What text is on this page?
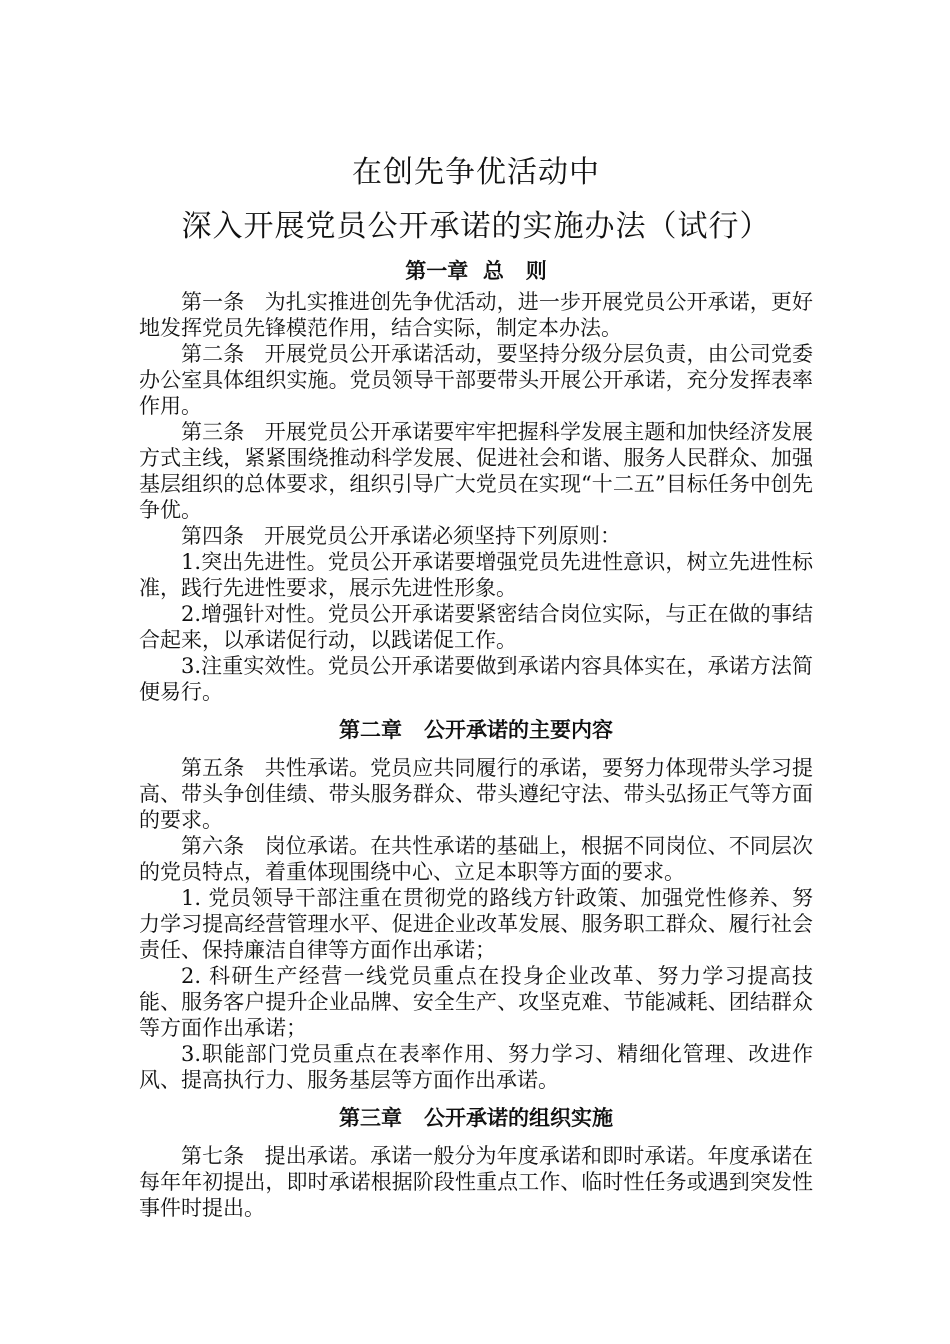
在创先争优活动中
深入开展党员公开承诺的实施办法（试行）
第一章  总   则

第一条   为扎实推进创先争优活动，进一步开展党员公开承诺，更好地发挥党员先锋模范作用，结合实际，制定本办法。

第二条   开展党员公开承诺活动，要坚持分级分层负责，由公司党委办公室具体组织实施。党员领导干部要带头开展公开承诺，充分发挥表率作用。

第三条   开展党员公开承诺要牢牢把握科学发展主题和加快经济发展方式主线，紧紧围绕推动科学发展、促进社会和谐、服务人民群众、加强基层组织的总体要求，组织引导广大党员在实现“十二五”目标任务中创先争优。

第四条   开展党员公开承诺必须坚持下列原则：

1.突出先进性。党员公开承诺要增强党员先进性意识，树立先进性标准，践行先进性要求，展示先进性形象。

2.增强针对性。党员公开承诺要紧密结合岗位实际，与正在做的事结合起来，以承诺促行动，以践诺促工作。

3.注重实效性。党员公开承诺要做到承诺内容具体实在，承诺方法简便易行。

第二章   公开承诺的主要内容

第五条   共性承诺。党员应共同履行的承诺，要努力体现带头学习提高、带头争创佳绩、带头服务群众、带头遵纪守法、带头弘扬正气等方面的要求。

第六条   岗位承诺。在共性承诺的基础上，根据不同岗位、不同层次的党员特点，着重体现围绕中心、立足本职等方面的要求。

1. 党员领导干部注重在贯彻党的路线方针政策、加强党性修养、努力学习提高经营管理水平、促进企业改革发展、服务职工群众、履行社会责任、保持廉洁自律等方面作出承诺；

2. 科研生产经营一线党员重点在投身企业改革、努力学习提高技能、服务客户提升企业品牌、安全生产、攻坚克难、节能减耗、团结群众等方面作出承诺；

3.职能部门党员重点在表率作用、努力学习、精细化管理、改进作风、提高执行力、服务基层等方面作出承诺。

第三章   公开承诺的组织实施

第七条   提出承诺。承诺一般分为年度承诺和即时承诺。年度承诺在每年年初提出，即时承诺根据阶段性重点工作、临时性任务或遇到突发性事件时提出。
